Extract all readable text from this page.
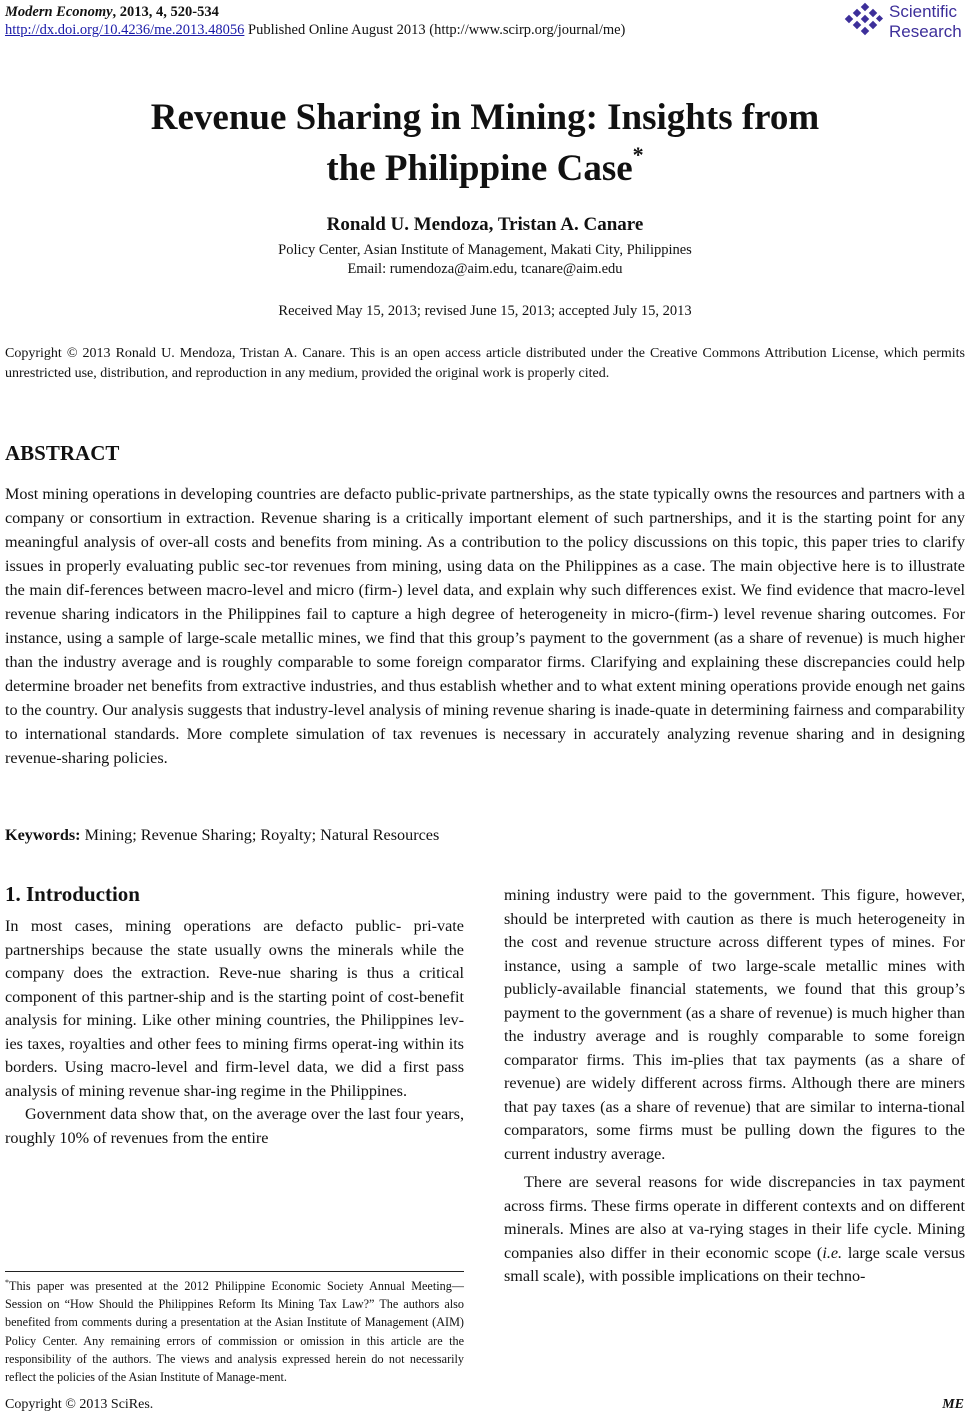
Modern Economy, 2013, 4, 520-534
http://dx.doi.org/10.4236/me.2013.48056 Published Online August 2013 (http://www.scirp.org/journal/me)
Scientific
Research
Revenue Sharing in Mining: Insights from
the Philippine Case*
Ronald U. Mendoza, Tristan A. Canare
Policy Center, Asian Institute of Management, Makati City, Philippines
Email: rumendoza@aim.edu, tcanare@aim.edu
Received May 15, 2013; revised June 15, 2013; accepted July 15, 2013
Copyright © 2013 Ronald U. Mendoza, Tristan A. Canare. This is an open access article distributed under the Creative Commons Attribution License, which permits unrestricted use, distribution, and reproduction in any medium, provided the original work is properly cited.
ABSTRACT
Most mining operations in developing countries are defacto public-private partnerships, as the state typically owns the resources and partners with a company or consortium in extraction. Revenue sharing is a critically important element of such partnerships, and it is the starting point for any meaningful analysis of over-all costs and benefits from mining. As a contribution to the policy discussions on this topic, this paper tries to clarify issues in properly evaluating public sec-tor revenues from mining, using data on the Philippines as a case. The main objective here is to illustrate the main dif-ferences between macro-level and micro (firm-) level data, and explain why such differences exist. We find evidence that macro-level revenue sharing indicators in the Philippines fail to capture a high degree of heterogeneity in micro-(firm-) level revenue sharing outcomes. For instance, using a sample of large-scale metallic mines, we find that this group’s payment to the government (as a share of revenue) is much higher than the industry average and is roughly comparable to some foreign comparator firms. Clarifying and explaining these discrepancies could help determine broader net benefits from extractive industries, and thus establish whether and to what extent mining operations provide enough net gains to the country. Our analysis suggests that industry-level analysis of mining revenue sharing is inade-quate in determining fairness and comparability to international standards. More complete simulation of tax revenues is necessary in accurately analyzing revenue sharing and in designing revenue-sharing policies.
Keywords: Mining; Revenue Sharing; Royalty; Natural Resources
1. Introduction

In most cases, mining operations are defacto public- pri-vate partnerships because the state usually owns the minerals while the company does the extraction. Reve-nue sharing is thus a critical component of this partner-ship and is the starting point of cost-benefit analysis for mining. Like other mining countries, the Philippines lev-ies taxes, royalties and other fees to mining firms operat-ing within its borders. Using macro-level and firm-level data, we did a first pass analysis of mining revenue shar-ing regime in the Philippines.

Government data show that, on the average over the last four years, roughly 10% of revenues from the entire

*This paper was presented at the 2012 Philippine Economic Society Annual Meeting—Session on “How Should the Philippines Reform Its Mining Tax Law?” The authors also benefited from comments during a presentation at the Asian Institute of Management (AIM) Policy Center. Any remaining errors of commission or omission in this article are the responsibility of the authors. The views and analysis expressed herein do not necessarily reflect the policies of the Asian Institute of Manage-ment.

mining industry were paid to the government. This figure, however, should be interpreted with caution as there is much heterogeneity in the cost and revenue structure across different types of mines. For instance, using a sample of two large-scale metallic mines with publicly-available financial statements, we found that this group’s payment to the government (as a share of revenue) is much higher than the industry average and is roughly comparable to some foreign comparator firms. This im-plies that tax payments (as a share of revenue) are widely different across firms. Although there are miners that pay taxes (as a share of revenue) that are similar to interna-tional comparators, some firms must be pulling down the figures to the current industry average.

There are several reasons for wide discrepancies in tax payment across firms. These firms operate in different contexts and on different minerals. Mines are also at va-rying stages in their life cycle. Mining companies also differ in their economic scope (i.e. large scale versus small scale), with possible implications on their techno-

Copyright © 2013 SciRes.	ME
